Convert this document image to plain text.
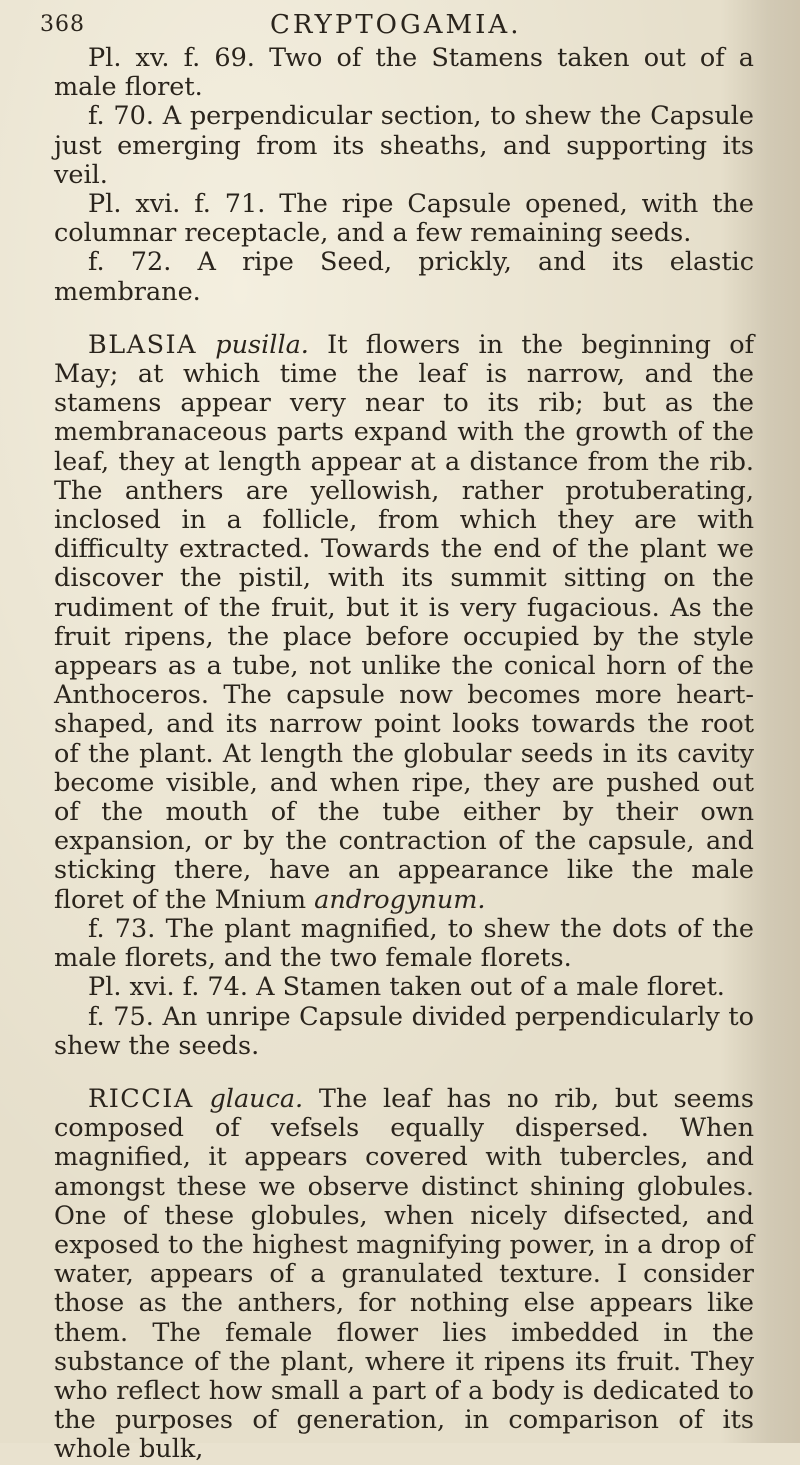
368	CRYPTOGAMIA.

Pl. xv. f. 69. Two of the Stamens taken out of a male floret.

f. 70. A perpendicular section, to shew the Capsule just emerging from its sheaths, and supporting its veil.

Pl. xvi. f. 71. The ripe Capsule opened, with the columnar receptacle, and a few remaining seeds.

f. 72. A ripe Seed, prickly, and its elastic membrane.

BLASIA pusilla. It flowers in the beginning of May; at which time the leaf is narrow, and the stamens appear very near to its rib; but as the membranaceous parts expand with the growth of the leaf, they at length appear at a distance from the rib. The anthers are yellowish, rather protuberating, inclosed in a follicle, from which they are with difficulty extracted. Towards the end of the plant we discover the pistil, with its summit sitting on the rudiment of the fruit, but it is very fugacious. As the fruit ripens, the place before occupied by the style appears as a tube, not unlike the conical horn of the Anthoceros. The capsule now becomes more heart-shaped, and its narrow point looks towards the root of the plant. At length the globular seeds in its cavity become visible, and when ripe, they are pushed out of the mouth of the tube either by their own expansion, or by the contraction of the capsule, and sticking there, have an appearance like the male floret of the Mnium androgynum.

f. 73. The plant magnified, to shew the dots of the male florets, and the two female florets.

Pl. xvi. f. 74. A Stamen taken out of a male floret.

f. 75. An unripe Capsule divided perpendicularly to shew the seeds.

RICCIA glauca. The leaf has no rib, but seems composed of vefsels equally dispersed. When magnified, it appears covered with tubercles, and amongst these we observe distinct shining globules. One of these globules, when nicely difsected, and exposed to the highest magnifying power, in a drop of water, appears of a granulated texture. I consider those as the anthers, for nothing else appears like them. The female flower lies imbedded in the substance of the plant, where it ripens its fruit. They who reflect how small a part of a body is dedicated to the purposes of generation, in comparison of its whole bulk,
